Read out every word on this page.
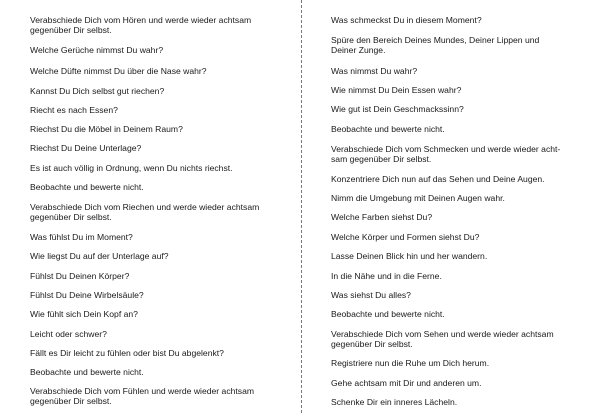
Verabschiede Dich vom Hören und werde wieder achtsam gegenüber Dir selbst.
Welche Gerüche nimmst Du wahr?
Welche Düfte nimmst Du über die Nase wahr?
Kannst Du Dich selbst gut riechen?
Riecht es nach Essen?
Riechst Du die Möbel in Deinem Raum?
Riechst Du Deine Unterlage?
Es ist auch völlig in Ordnung, wenn Du nichts riechst.
Beobachte und bewerte nicht.
Verabschiede Dich vom Riechen und werde wieder achtsam gegenüber Dir selbst.
Was fühlst Du im Moment?
Wie liegst Du auf der Unterlage auf?
Fühlst Du Deinen Körper?
Fühlst Du Deine Wirbelsäule?
Wie fühlt sich Dein Kopf an?
Leicht oder schwer?
Fällt es Dir leicht zu fühlen oder bist Du abgelenkt?
Beobachte und bewerte nicht.
Verabschiede Dich vom Fühlen und werde wieder achtsam gegenüber Dir selbst.
Was schmeckst Du in diesem Moment?
Spüre den Bereich Deines Mundes, Deiner Lippen und Deiner Zunge.
Was nimmst Du wahr?
Wie nimmst Du Dein Essen wahr?
Wie gut ist Dein Geschmackssinn?
Beobachte und bewerte nicht.
Verabschiede Dich vom Schmecken und werde wieder acht-sam gegenüber Dir selbst.
Konzentriere Dich nun auf das Sehen und Deine Augen.
Nimm die Umgebung mit Deinen Augen wahr.
Welche Farben siehst Du?
Welche Körper und Formen siehst Du?
Lasse Deinen Blick hin und her wandern.
In die Nähe und in die Ferne.
Was siehst Du alles?
Beobachte und bewerte nicht.
Verabschiede Dich vom Sehen und werde wieder achtsam gegenüber Dir selbst.
Registriere nun die Ruhe um Dich herum.
Gehe achtsam mit Dir und anderen um.
Schenke Dir ein inneres Lächeln.
